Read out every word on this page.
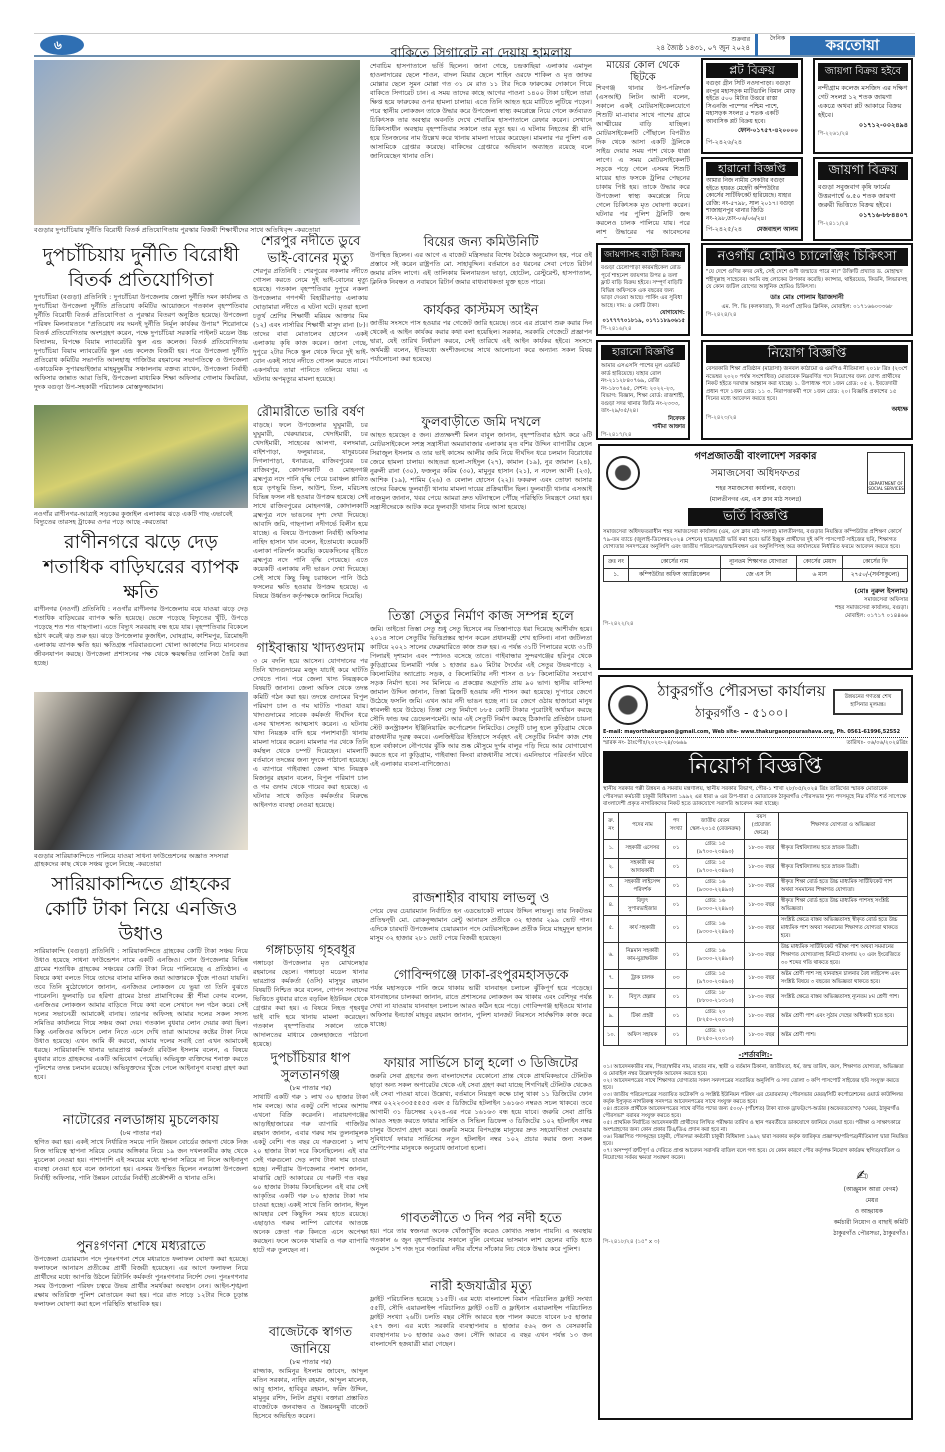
৬	শুক্রবার
২৪ জ্যৈষ্ঠ ১৪৩১, ০৭ জুন ২০২৪
দৈনিক	করতোয়া
বগুড়ার দুপচাঁচিয়ায় দুর্নীতি বিরোধী বিতর্ক প্রতিযোগিতায় পুরস্কার বিজয়ী শিক্ষার্থীদের সাথে অতিথিবৃন্দ -করতোয়া
দুপচাঁচিয়ায় দুর্নীতি বিরোধী বিতর্ক প্রতিযোগিতা
দুপচাঁচিয়া (বগুড়া) প্রতিনিধি : দুপচাঁচিয়া উপজেলায় জেলা দুর্নীতি দমন কার্যালয় ও দুপচাঁচিয়া উপজেলা দুর্নীতি প্রতিরোধ কমিটির আয়োজনে গতকাল বৃহস্পতিবার দুর্নীতি বিরোধী বিতর্ক প্রতিযোগিতা ও পুরস্কার বিতরণ অনুষ্ঠিত হয়েছে। উপজেলা পরিষদ মিলনায়তনে "প্রতিরোধ নয় দমনই দুর্নীতি নির্মূল কার্যকর উপায়" শিরোনামে বিতর্ক প্রতিযোগিতায় অংশগ্রহণ করেন, পক্ষে দুপচাঁচিয়া সরকারি পাইলট মডেল উচ্চ বিদ্যালয়, বিপক্ষে বিয়াম ল্যাবরেটরি স্কুল এন্ড কলেজ। বিতর্ক প্রতিযোগিতায় দুপচাঁচিয়া বিয়াম ল্যাবরেটরি স্কুল এন্ড কলেজ বিজয়ী হয়। পরে উপজেলা দুর্নীতি প্রতিরোধ কমিটির সভাপতি আলহাজ্ব গাজিউর রহমানের সভাপতিত্বে ও উপজেলা একাডেমিক সুপারভাইজার মাহমুদুন্নবীর সঞ্চালনায় বক্তব্য রাখেন, উপজেলা নির্বাহী অফিসার জান্নাত আরা তিথি, উপজেলা মাধ্যমিক শিক্ষা অফিসার গোলাম কিবরিয়া, দুদক বগুড়া উপ-সহকারী পরিচালক মোস্তফুজ্জামান।
নওগাঁর রাণীনগর-আত্রাই সড়কের কুজাইল এলাকায় ঝড়ে একটি গাছ এভাবেই বিদ্যুতের তারসহ ট্রাকের ওপর পড়ে আছে -করতোয়া
রাণীনগরে ঝড়ে দেড় শতাধিক বাড়িঘরের ব্যাপক ক্ষতি
রাণীনগর (নওগাঁ) প্রতিনিধি : নওগাঁর রাণীনগর উপজেলায় বয়ে যাওয়া ঝড়ে দেড় শতাধিক বাড়িঘরের ব্যাপক ক্ষতি হয়েছে। ভেঙ্গে পড়েছে বিদ্যুতের খুঁটি, উপড়ে পড়েছে শত শত গাছপালা। এতে বিদ্যুৎ সরবরাহ বন্ধ হয়ে যায়। বৃহস্পতিবার বিকেলে হঠাৎ করেই ঝড় শুরু হয়। ঝড়ে উপজেলার কুজাইল, ঘোষগ্রাম, কাশিমপুর, ত্রিমোহনী এলাকায় ব্যাপক ক্ষতি হয়। ক্ষতিগ্রস্ত পরিবারগুলো খোলা আকাশের নিচে মানবেতর জীবনযাপন করছে। উপজেলা প্রশাসনের পক্ষ থেকে ক্ষয়ক্ষতির তালিকা তৈরি করা হচ্ছে।
বগুড়ার সারিয়াকান্দিতে পালিয়ে যাওয়া সাধনা ফাউন্ডেশনের অজ্ঞাত সদস্যরা গ্রাহকদের কাছ থেকে সঞ্চয় তুলে নিচ্ছে -করতোয়া
সারিয়াকান্দিতে গ্রাহকের কোটি টাকা নিয়ে এনজিও উধাও
সারিয়াকান্দি (বগুড়া) প্রতিনিধি : সারিয়াকান্দিতে গ্রাহকের কোটি টাকা সঞ্চয় নিয়ে উধাও হয়েছে সাধনা ফাউন্ডেশন নামে একটি এনজিও। গোন উপজেলার বিভিন্ন গ্রামের শতাধিক গ্রাহকের সঞ্চয়ের কোটি টাকা নিয়ে পালিয়েছে এ প্রতিষ্ঠান। এ বিষয়ে কথা বলতে গিয়ে তাদের বাসার মালিক জয়া আক্তারকে খুঁজে পাওয়া যায়নি। তবে তিনি মুঠোফোনে জানান, এনজিওর লোকজন যে ভুয়া তা তিনি বুঝতে পারেননি। ফুলবাড়ি চর হরিণা গ্রামের ঠান্ডা প্রামাণিকের স্ত্রী শীমা বেগম বলেন, এনজিওর লোকজন আমার বাড়িতে গিয়ে কথা বলে সেখানে দল গঠন করে। সেই দলের সভানেত্রী আমাকেই বানায়। তারপর অফিসহ আমার দলের সকল সদস্য সমিতির কার্যালয়ে গিয়ে সঞ্চয় জমা দেয়। গতকাল বুধবার লোন দেয়ার কথা ছিল। কিন্তু এনজিওর অফিসে লোন নিতে এসে দেখি তারা আমাদের কষ্টের টাকা নিয়ে উধাও হয়েছে। এখন আমি কী করবো, আমার দলের সবাই তো এখন আমাকেই ধরছে। সারিয়াকান্দি থানার ভারপ্রাপ্ত কর্মকর্তা রবিউল ইসলাম বলেন, এ বিষয়ে বুধবার রাতে গ্রাহকদের একটি অভিযোগ পেয়েছি। অভিযুক্ত ব্যক্তিদের শনাক্ত করতে পুলিশের তদন্ত চলমান রয়েছে। অভিযুক্তদের খুঁজে পেলে আইনানুগ ব্যবস্থা গ্রহণ করা হবে।
নাটোরের নলডাঙ্গায় মুচলেকায়
(৮ম পাতার পর)
স্থগিত করা হয়। একই সাথে নির্ধারিত সময়ে পানি উন্নয়ন বোর্ডের জায়গা থেকে নিজ নিজ দায়িত্বে স্থাপনা সরিয়ে নেয়ার অঙ্গিকার নিয়ে ১৯ জন দখলকারীর কাছ থেকে মুচলেকা নেওয়া হয়। পাশাপাশি এই সময়ের মধ্যে স্থাপনা সরিয়ে না নিলে আইনানুগ ব্যবস্থা নেওয়া হবে বলে জানানো হয়। এসময় উপস্থিত ছিলেন নলডাঙ্গা উপজেলা নির্বাহী অফিসার, পানি উন্নয়ন বোর্ডের নির্বাহী প্রকৌশলী ও থানার ওসি।
পুনঃগণনা শেষে মধ্যরাতে
উপজেলা চেয়ারম্যান পদে পুনঃগণনা শেষে মধ্যরাতে ফলাফল ঘোষণা করা হয়েছে। ফলাফলে আনারস প্রতীকের প্রার্থী বিজয়ী হয়েছেন। এর আগে ফলাফল নিয়ে প্রার্থীদের মধ্যে আপত্তি উঠলে রিটার্নিং কর্মকর্তা পুনঃগণনার নির্দেশ দেন। পুনঃগণনার সময় উপজেলা পরিষদ চত্বরে উভয় প্রার্থীর সমর্থকরা অবস্থান নেন। আইন-শৃঙ্খলা রক্ষায় অতিরিক্ত পুলিশ মোতায়েন করা হয়। পরে রাত সাড়ে ১২টার দিকে চূড়ান্ত ফলাফল ঘোষণা করা হলে পরিস্থিতি স্বাভাবিক হয়।
শেরপুর নদীতে ডুবে ভাই-বোনের মৃত্যু
শেরপুর প্রতিনিধি : শেরপুরের নকলার নদীতে গোসল করতে নেমে দুই ভাই-বোনের মৃত্যু হয়েছে। গতকাল বৃহস্পতিবার দুপুরে নকলা উপজেলার গণপদ্দী বিহারীরপাড় এলাকায় ঘোড়ামারা নদীতে এ ঘটনা ঘটে। মৃতরা হলো চতুর্থ শ্রেণির শিক্ষার্থী মরিয়ম আক্তার মিম (১২) এবং নার্সারির শিক্ষার্থী মাসুদ রানা (৮)। তাদের বাবা মোতালেব হোসেন একই এলাকায় কৃষি কাজ করেন। জানা গেছে, দুপুরে ২টার দিকে স্কুল থেকে ফিরে দুই ভাই-বোন একই সাথে নদীতে গোসল করতে নামে। একপর্যায়ে তারা পানিতে তলিয়ে যায়। এ ঘটনায় অপমৃত্যুর মামলা হয়েছে।
রৌমারীতে ভারি বর্ষণ
বাড়ছে। ফলে উপজেলার ঘুঘুমারী, চর ঘুঘুমারী, খেরুয়ারচর, খেদাইমারী, চর খেদাইমারী, সাহেবের আলগা, বলদমারা, বাইশপাড়া, ফলুয়ারচর, যাদুরচরের দিগলাপাড়া, ধনারচর, রাজিবপুরের চর রাজিবপুর, কোদালকাটি ও মোহনগঞ্জ ব্রহ্মপুত্র নদে পানি বৃদ্ধি পেয়ে চরাঞ্চল প্লাবিত হয়ে তৃণভূমি তিল, আউশ, তিল, মরিচসহ বিভিন্ন ফসল নষ্ট হওয়ার উপক্রম হয়েছে। সেই সাথে রাজিবপুরের মোহনগঞ্জ, কোদালকাটি ব্রহ্মপুত্র নদে ভাঙনের দৃশ্য দেখা দিয়েছে। আবাদি জমি, গাছপালা নদীগর্ভে বিলীন হয়ে যাচ্ছে। এ বিষয়ে উপজেলা নির্বাহী অফিসার নাহিদ হাসান খান বলেন, ইতোমধ্যে কয়েকটি এলাকা পরিদর্শন করেছি। কয়েকদিনের বৃষ্টিতে ব্রহ্মপুত্র নদে পানি বৃদ্ধি পেয়েছে। এতে কয়েকটি এলাকায় নদী ভাঙন দেখা দিয়েছে। সেই সাথে কিছু কিছু চরাঞ্চলে পানি উঠে ফসলের ক্ষতি হওয়ার উপক্রম হয়েছে। এ বিষয়ে উর্ধ্বতন কর্তৃপক্ষকে জানিয়ে দিয়েছি।
গাইবান্ধায় খাদ্যগুদাম
৩ মে বদলি হয়ে আসেন। যোগদানের পর তিনি খাদ্যগুদামের মজুদ যাচাই করে ঘাটতি দেখতে পান। পরে জেলা খাদ্য নিয়ন্ত্রককে বিষয়টি জানান। জেলা অফিস থেকে তদন্ত কমিটি গঠন করা হয়। তদন্তে গুদামের বিপুল পরিমাণ চাল ও গম ঘাটতি পাওয়া যায়। খাদ্যগুদামের সাবেক কর্মকর্তা দীর্ঘদিন ধরে এসব খাদ্যশস্য আত্মসাৎ করেন। এ ঘটনায় খাদ্য নিয়ন্ত্রক বাদি হয়ে পলাশবাড়ী থানায় মামলা দায়ের করেন। মামলার পর থেকে তিনি কর্মস্থল থেকে চম্পট দিয়েছেন। মামলাটি বর্তমানে তদন্তের জন্য দুদকে পাঠানো হয়েছে। এ ব্যাপারে গাইবান্ধা জেলা খাদ্য নিয়ন্ত্রক মিজানুর রহমান বলেন, বিপুল পরিমাণ চাল ও গম গুদাম থেকে গায়েব করা হয়েছে। এ ঘটনার সাথে জড়িত কর্মকর্তার বিরুদ্ধে আইনগত ব্যবস্থা নেওয়া হয়েছে।
গঙ্গাচড়ায় গৃহবধূর
গঙ্গাচড়া উপজেলার মৃত মোখলেছার রহমানের ছেলে। গঙ্গাচড়া মডেল থানার ভারপ্রাপ্ত কর্মকর্তা (ওসি) মাসুদুর রহমান বিষয়টি নিশ্চিত করে বলেন, গোপন সংবাদের ভিত্তিতে বুধবার রাতে বড়বিল ইউনিয়ন থেকে গ্রেপ্তার করা হয়। এ বিষয়ে নিহত গৃহবধূর ভাই বাদি হয়ে থানায় মামলা করেছেন। গতকাল বৃহস্পতিবার সকালে তাকে আদালতের মাধ্যমে জেলহাজতে পাঠানো হয়েছে।
দুপচাঁচিয়ার ধাপ সুলতানগঞ্জ
(৮ম পাতার পর)
সাথাটি একটি গরু ১ লাখ ৩০ হাজার টাকা দাম বলছে। আর একটু বেশি দামের আশায় এখনো বিক্রি করেননি। নারায়ণগঞ্জের আড়াইহাজারের গরু ব্যাপারি গাজিউর রহমান জানান, এবার গরুর দাম তুলনামূলক একটু বেশি। গত বছর যে গরুগুলো ১ লাখ ২০ হাজার টাকা দরে কিনেছিলেন। এই বার সেই গরুগুলো দেড় লাখ টাকা দাম চাওয়া হচ্ছে। নন্দীগ্রাম উপজেলার পলাশ জানান, মাঝারি ছোট আকারের যে গরুটি গত বছর ৬০ হাজার টাকায় কিনেছিলেন এই বার সেই আকৃতির একটি গরু ৮০ হাজার টাকা দাম চাওয়া হচ্ছে। একই সাথে তিনি জানান, ঈদুল আযহার বেশ কিছুদিন সময় হাতে রয়েছে। এছাড়াও গরুর লাম্পি রোগের আতঙ্কে অনেক ক্রেতা গরু কিনতে এসে অপেক্ষা করছেন। ফলে অনেক খামারি ও গরু ব্যাপারি হাটে গরু তুলছেন না।
বাজেটকে স্বাগত জানিয়ে
(৮ম পাতার পর)
রাজ্জাক, আমিনুর ইসলাম জাবেদ, আব্দুল মতিন সরকার, নাহিদ রহমান, আব্দুল মালেক, আবু হাসান, হাবিবুর রহমান, ফরিদ উদ্দিন, মামুনুর রশিদ, লিটন প্রমুখ। বক্তারা প্রস্তাবিত বাজেটকে জনবান্ধব ও উন্নয়নমুখী বাজেট হিসেবে অভিহিত করেন।
বাকিতে সিগারেট না দেয়ায় হামলায়
শেবাচিম হাসপাতালে ভর্তি ছিলেন। জানা গেছে, চন্দ্রকাছিয়া এলাকার এমাদুল হাওলাদারের ছেলে শাওন, বাদল মিয়ার ছেলে শাহিন ওরফে শাকিল ও মৃত জাফর মোল্লার ছেলে সুমন মোল্লা গত ৩১ মে রাত ১১ টার দিকে ফারুকের দোকানে গিয়ে বাকিতে সিগারেট চান। এ সময় তাদের কাছে আগের পাওনা ১৪০০ টাকা চাইলে তারা ক্ষিপ্ত হয়ে ফারুকের ওপর হামলা চালায়। এতে তিনি আহত হয়ে মাটিতে লুটিয়ে পড়েন। পরে স্থানীয় লোকজন তাকে উদ্ধার করে উপজেলা স্বাস্থ্য কমপ্লেক্সে নিয়ে গেলে কর্তব্যরত চিকিৎসক তার অবস্থার অবনতি দেখে শেবাচিম হাসপাতালে রেফার করেন। সেখানে চিকিৎসাধীন অবস্থায় বৃহস্পতিবার সকালে তার মৃত্যু হয়। এ ঘটনায় নিহতের স্ত্রী বাদি হয়ে তিনজনের নাম উল্লেখ করে থানায় মামলা দায়ের করেছেন। মামলার পর পুলিশ এক আসামিকে গ্রেপ্তার করেছে। বাকিদের গ্রেপ্তারে অভিযান অব্যাহত রয়েছে বলে জানিয়েছেন থানার ওসি।
বিয়ের জন্য কমিউনিটি
উপস্থিত ছিলেন। এর আগে এ বাজেট মন্ত্রিসভার বিশেষ বৈঠকে অনুমোদন হয়, পরে ওই প্রস্তাবে সই করেন রাষ্ট্রপতি মো. সাহাবুদ্দিন। বর্তমানে ৪৫ ধরনের সেবা পেতে রিটার্ন জমার রসিদ লাগে। এই তালিকায় মিলনায়তন ভাড়া, হোটেল, রেস্টুরেন্ট, হাসপাতাল, ক্লিনিক নিবন্ধন ও নবায়নে রিটার্ন জমার বাধ্যবাধকতা যুক্ত হতে পারে।
কার্যকর কাস্টমস আইন
জাতীয় সংসদে পাস হওয়ার পর গেজেট জারি হয়েছে। তবে এর প্রয়োগ শুরু করার দিন থেকেই এ আইন কার্যকর করার কথা বলা হয়েছিল। সরকার, সরকারি গেজেটে প্রজ্ঞাপন দ্বারা, যেই তারিখ নির্ধারণ করবে, সেই তারিখে এই আইন কার্যকর হইবে। সংসদে অর্থমন্ত্রী বলেন, ইতিমধ্যে অংশীজনদের সাথে আলোচনা করে অন্যান্য সকল বিষয় পর্যালোচনা করা হয়েছে।
ফুলবাড়ীতে জমি দখলে
আহত হয়েছেন ৫ জন। প্রত্যক্ষদর্শী মিলন বাবুল জানান, বৃহস্পতিবার হঠাৎ করে ৬টি মোটরসাইকেলে সশস্ত্র সন্ত্রাসীরা অমরাবাজার এলাকার মৃত বশির উদ্দিন ব্যাপারীর ছেলে সিরাজুল ইসলাম ও তার ভাই কাসেম আলীর জমি নিয়ে দীর্ঘদিন ধরে চলমান বিরোধের জেরে হামলা চালায়। আহতরা হলো-সাইদুল (২৭), কামাল (১৯), নুর জামাল (২৪), নুরুলী রানা (৩০), ফজলুর করিম (৩০), মামুনুর হাসান (২১), ন নদেল আলী (২৩), আশিক (১৯), শামিম (২৬) ও বেলাল হোসেন (২২)। ফকরুল এবং তোফা আসার তাদের বিরুদ্ধে ফুলবাড়ী থানায় মামলা দায়ের প্রক্রিয়াধীন ছিল। ফুলবাড়ী থানার এসআই নাজমুল জানান, খবর পেয়ে আমরা দ্রুত ঘটনাস্থলে পৌঁছে পরিস্থিতি নিয়ন্ত্রণে নেয়া হয়। সন্ত্রাসীদেরকে আটক করে ফুলবাড়ী থানায় নিয়ে আসা হয়েছে।
তিস্তা সেতুর নির্মাণ কাজ সম্পন্ন হলে
জমি। তাইতো তিস্তা সেতু শুধু সেতু হিসেবে নয় তিস্তাপাড়ে ধরা দিয়েছে আশীর্বাদ হয়ে। ২০১৪ সালে সেতুটির ভিত্তিপ্রস্তর স্থাপন করেন প্রধানমন্ত্রী শেখ হাসিনা। নানা জটিলতা কাটিয়ে ২০২১ সালের ফেব্রুয়ারিতে কাজ শুরু হয়। এ পর্যন্ত ৩১টি পিলারের মধ্যে ৩১টি পিলারই দৃশ্যমান এবং স্প্যানও বসেছে তাতে। গাইবান্ধার সুন্দরগঞ্জের হরিপুর থেকে কুড়িগ্রামের চিলমারী পর্যন্ত ১ হাজার ৪৯০ মিটার দৈর্ঘ্যের এই সেতুর উভয়পাড়ে ২ কিলোমিটার অ্যাপ্রোচ সড়ক, ৫ কিলোমিটার নদী শাসন ও ৮৮ কিলোমিটার সংযোগ সড়ক নির্মাণ হবে। সব মিলিয়ে এ প্রকল্পের অগ্রগতি প্রায় ৯০ ভাগ। স্থানীয় বাসিন্দা জামাল উদ্দিন জানান, তিস্তা ব্রিজটি হওয়ায় নদী শাসন করা হয়েছে। দু'পারে জেগে উঠেছে ফসলি জমি। এখন আর নদী ভাঙন হচ্ছে না। চর জেগে ওঠায় হাজারো মানুষ স্বাবলম্বী হয়ে উঠেছে। তিস্তা সেতু নির্মাণে ৮৮৫ কোটি টাকার পুরোটাই অর্থায়ন করছে সৌদি ফান্ড ফর ডেভেলপমেন্ট। আর এই সেতুটি নির্মাণ করছে ঠিকাদারি প্রতিষ্ঠান চায়না স্টেট কনস্ট্রাকশন ইঞ্জিনিয়ারিং কর্পোরেশন লিমিটেড। সেতুটি চালু হলে কুড়িগ্রাম থেকে রাজধানীর দূরত্ব কমবে। এলজিইডির ইতিহাসে সর্ববৃহৎ এই সেতুটির নির্মাণ কাজ শেষ হলে বর্ষাকালে নৌপথের ঝুঁকি আর শুষ্ক মৌসুমে দুর্গম বালুর পড়ি দিয়ে আর যোগাযোগ করতে হবে না কুড়িগ্রাম, গাইবান্ধা কিংবা রাজধানীর সাথে। এমনিভাবে পরিবর্তন ঘটবে এই এলাকার ব্যবসা-বাণিজ্যেও।
রাজশাহীর বাঘায় লাভলু ও
পেয়ে ফের চেয়ারম্যান নির্বাচিত হন এডভোকেট লায়েব উদ্দিন লাভলু। তার নিকটতম প্রতিদ্বন্দ্বী মো. রোকনুজ্জামান রেন্টু আনারস প্রতীকে ৩২ হাজার ২৯৯ ভোট পান। এদিকে চারঘাট উপজেলায় চেয়ারম্যান পদে মোটরসাইকেল প্রতীক নিয়ে মাহমুদুল হাসান মাসুম ৩২ হাজার ২৮১ ভোট পেয়ে বিজয়ী হয়েছেন।
গোবিন্দগঞ্জে ঢাকা-রংপুরমহাসড়কে
পর্যন্ত মহাসড়কে পানি জমে থাকায় ভারী যানবাহন চলাচল ঝুঁকিপূর্ণ হয়ে পড়েছে। যানবাহনের চালকরা জানান, রাতে প্রশাসনের লোকজন কম থাকায় এবং বেশিদূর পর্যন্ত দেখা না যাওয়ায় যানবাহন চলাচল আরও কঠিন হয়ে পড়ে। গোবিন্দগঞ্জ হাইওয়ে থানার অফিসার ইনচার্জ মাহবুব রহমান জানান, পুলিশ যানজট নিরসনে সার্বক্ষণিক কাজ করে যাচ্ছে।
ফায়ার সার্ভিসে চালু হলো ৩ ডিজিটের
জরুরি সেবা গ্রহণের জন্য বাংলাদেশের যেকোনো প্রান্ত থেকে প্রাথমিকভাবে টেলিটক ছাড়া অন্য সকল অপারেটর থেকে এই সেবা গ্রহণ করা যাচ্ছে শিগগিরই টেলিটক থেকেও এই সেবা পাওয়া যাবে। উল্লেখ্য, বর্তমানে নিয়ন্ত্রণ কক্ষে চালু থাকা ১১ ডিজিটের ফোন নম্বর ০২২২৩৩৫৫৫৫৫ এবং ৫ ডিজিটের হটলাইন ১৬১৬৩ নম্বরও সচল থাকবে। তবে আগামী ৩১ ডিসেম্বর ২০২৪-এর পরে ১৬১৬৩ বন্ধ হয়ে যাবে। জরুরি সেবা প্রাপ্তি আরও সহজ করতে ফায়ার সার্ভিস ও সিভিল ডিফেন্স ৩ ডিজিটের ১০২ হটলাইন নম্বর চালুর উদ্যোগ গ্রহণ করে। জরুরি সময়ে বিপদগ্রস্ত মানুষের দ্রুত সহযোগিতা দেওয়ার সুবিধার্থে ফায়ার সার্ভিসের নতুন হটলাইন নম্বর ১০২ প্রচার করার জন্য সকল শ্রেণিপেশার মানুষকে অনুরোধ জানানো হলো।
গাবতলীতে ৩ দিন পর নদী হতে
হয়। পরে তার স্বজনরা অনেক খোঁজাখুঁজি করেও কোথাও সন্ধান পায়নি। এ অবস্থায় গতকাল ৬ জুন বৃহস্পতিবার সকালে বুলি বেগমের ভাসমান লাশ ছেলের বাড়ি হতে অনুমান ১'শ গজ দূরে গজারিয়া নদীর বাঁশের সাঁকোর নিচ থেকে উদ্ধার করে পুলিশ।
নারী হজযাত্রীর মৃত্যু
ফ্লাইট পরিচালিত হয়েছে ১১৫টি। এর মধ্যে বাংলাদেশ বিমান পরিচালিত ফ্লাইট সংখ্যা ৫৫টি, সৌদি এয়ারলাইন্স পরিচালিত ফ্লাইট ৩৪টি ও ফ্লাইনাস এয়ারলাইন্স পরিচালিত ফ্লাইট সংখ্যা ২৬টি। চলতি বছর সৌদি আরবে হজ পালন করতে যাবেন ৮৫ হাজার ২৫৭ জন। এর মধ্যে সরকারি ব্যবস্থাপনায় ৪ হাজার ৫৬২ জন ও বেসরকারি ব্যবস্থাপনায় ৮০ হাজার ৬৯৫ জন। সৌদি আরবে এ বছর এখন পর্যন্ত ১৩ জন বাংলাদেশি হজযাত্রী মারা গেছেন।
মায়ের কোল থেকে ছিটকে
শিবগঞ্জ থানার উপ-পরিদর্শক (এসআই) লিটন আলী বলেন, সকালে একই মোটরসাইকেলযোগে শিশুটি মা-বাবার সাথে পাশের গ্রামে আত্মীয়ের বাড়ি যাচ্ছিল। মোটরসাইকেলটি পৌঁছালে বিপরীত দিক থেকে আসা একটি ট্রলিকে সাইড দেয়ার সময় পাশ থেকে ধাক্কা লাগে। এ সময় মোটরসাইকেলটি সড়কে পড়ে গেলে এসময় শিশুটি মায়ের হাত ফসকে ট্রলির পেছনের চাকায় পিষ্ট হয়। তাকে উদ্ধার করে উপজেলা স্বাস্থ্য কমপ্লেক্সে নিয়ে গেলে চিকিৎসক মৃত ঘোষণা করেন। ঘটনার পর পুলিশ ট্রলিটি জব্দ করলেও চালক পালিয়ে যায়। পরে লাশ উদ্ধারের পর আবেদনের
প্লট বিক্রয়
বগুড়া গ্রীন সিটি নওদাপাড়া। বগুড়া রংপুর মহাসড়ক মাটিডালি বিমান মোড় হইতে ৫০০ মিটার উত্তরে রাস্তা সিএনজি পাম্পের পশ্চিম পাশে, মহাসড়ক সংলগ্ন ৫ শতক একটি আবাসিক প্লট বিক্রয় হবে।
ফোন-০১৭৫৭-৪২০০০০
পি-২৪২৬/২৪
জায়গা বিক্রয় হইবে
নন্দীগ্রাম কলেজ মসজিদ এর দক্ষিণ গেট সংলগ্ন ১২ শতক জায়গা একত্রে অথবা প্লট আকারে বিক্রয় হইবে।
০১৭১২-০০২৪৯৪
পি-২২৬১/২৪
হারানো বিজ্ঞপ্তি
আমার নিজ নামীয় সেকটার বগুড়া হইতে হযরত মেহেদী কম্পিউটার কোর্সের সার্টিফিকেট হারিয়েছে। যাহার রেজি: নং-৫৭৯৮, সাল ২০১৭। বগুড়া শাজাহানপুর থানার জিডি নং-২৯৮,তাং-০৬/০৬/২৪।
পি-২৪২৫/২৪ মেজবাহুল আলম
জায়গা বিক্রয়
বগুড়া সবুজবাগ কৃষি ফার্মের উত্তরপার্শ্বে ৬.৫০ শতক জায়গা জরুরী ভিত্তিতে বিক্রয় হইবে।
০১৭১৬-৮৮৪৪০৭
পি-২৪১১/২৪
জায়গাসহ বাড়ী বিক্রয়
বগুড়া চেলোপাড়া কারমাইকেল রোড পূর্বে শাহনেশ জায়গার উপর ৪ তলা ফ্লাট বাড়ি বিক্রয় হইবে। সম্পূর্ণ বাড়িটি বিভিন্ন অফিসকে এক বছরের জন্য ভাড়া দেওয়া আছে। পার্কিং এর সুবিধা আছে। দাম: ৪ কোটি টাকা।
যোগাযোগ:
০১৭৭৭৭০১৮১৯, ০১৭১১৮৯০৬১৫
পি-২৪১৬/২৪
নওগাঁয় হোমিও চ্যালেঞ্জিং চিকিৎসা
"যে দেশে গুণির কদর নেই, সেই দেশে গুণী জন্মাতে পারে না।" উক্তিটি প্রখ্যাত ড. মোহাম্মদ শহীদুল্লাহ সাহেবের। আমি বহু লোকের উপকার করেছি। ক্যান্সার, থাইরয়েড, কিডনি, লিভারসহ যে কোন জটিল রোগের আধুনিক হোমিও চিকিৎসা।
ডাঃ মোঃ গোলাম ইয়াজদানী
এম. পি. ভি (কলকাতা), দি নওগাঁ হোমিও ক্লিনিক, মোবাইল: ০১৭১৬৬০৩৩৬৮
পি-২৪২৪/২৪
হারানো বিজ্ঞপ্তি
আমার এসএসসি পাশের মূল এডমিট কার্ড হারিয়েছে। যাহার রোল নং-২১১২৮৪০৭৬৯, রেজি নং-১৮০৭৬৫, সেশন: ২০২২-২৩, বিভাগ: বিজ্ঞান, শিক্ষা বোর্ড: রাজশাহী, বগুড়া সদর থানার জিডি নং-২৩৩৩, তাং-২৯/০৫/২৪।
নিবেদক
শামীমা আক্তার
পি-২৪১৭/২৪
নিয়োগ বিজ্ঞপ্তি
বেসরকারি শিক্ষা প্রতিষ্ঠান (মাদ্রাসা) জনবল কাঠামো ও এমপিও নীতিমালা ২০১৮ খ্রিঃ (২৩শে নভেম্বর ২০২০ পর্যন্ত সংশোধিত) মোতাবেক নিম্নবর্ণিত পদে নিয়োগের জন্য যোগ্য প্রার্থীদের নিকট হইতে দরখাস্ত আহ্বান করা যাচ্ছে। ১. উপাধ্যক্ষ পদে ১জন গ্রেড: ০৫ ২. ইবতেদায়ী প্রধান পদে ১জন গ্রেড: ১১ ৩. নিরাপত্তাকর্মী পদে ১জন গ্রেড: ২০। বিজ্ঞপ্তি প্রকাশের ১৫ দিনের মধ্যে আবেদন করতে হবে।
অধ্যক্ষ
পি-২৪২৩/২৪
DEPARTMENT OF SOCIAL SERVICES
গণপ্রজাতন্ত্রী বাংলাদেশ সরকার
সমাজসেবা অধিদফতর
শহর সমাজসেবা কার্যালয়, বগুড়া।
(মালতীনগর এম, এস ক্লাব মাঠ সংলগ্ন)
ভর্তি বিজ্ঞপ্তি
সমাজসেবা অধিদফতরাধীন শহর সমাজসেবা কার্যালয় (এম, এস ক্লাব মাঠ সংলগ্ন) মালতীনগর, বগুড়ার নিয়ন্ত্রিত কম্পিউটার প্রশিক্ষণ কোর্সে ৭৯-তম ব্যাচে (জুলাই-ডিসেম্বর২০২৪ সেশনে) ছাত্র/ছাত্রী ভর্তি করা হবে। ভর্তি ইচ্ছুক প্রার্থীদের দুই কপি পাসপোর্ট সাইজের ছবি, শিক্ষাগত যোগ্যতার সনদপত্রের অনুলিপি এবং জাতীয় পরিচয়পত্র/জন্মনিবন্ধন এর অনুলিপিসহ অত্র কার্যালয়ের নির্ধারিত ফরমে আবেদন করতে হবে।
ক্রঃ নং	কোর্সের নাম	ন্যূনতম শিক্ষাগত যোগ্যতা	কোর্সের মেয়াদ	কোর্সের ফি
১.	কম্পিউটার অফিস অ্যাপ্লিকেশন	জে এস সি	৬ মাস	২৭৫০/-(সর্বসাকুল্যে)
(মোঃ নুরুল ইসলাম)
সমাজসেবা অফিসার
শহর সমাজসেবা কার্যালয়, বগুড়া।
মোবাইল: ০১৭১৭ ০১৪৪৬৬
পি-২৪২২/২৪
উন্নয়নের গণতন্ত্র শেখ হাসিনার মূলমন্ত্র।
ঠাকুরগাঁও পৌরসভা কার্যালয়
ঠাকুরগাঁও - ৫১০০।
E-mail: mayorthakurgaon@gmail.com, Web site- www.thakurgaonpourashava.org, Ph. 0561-61996,52552
স্মারক নং- ঠাঃপৌঃ/২০২৩-২৪/০৬৬৯	তারিখঃ- ০৬/০৬/২০২৪খ্রিঃ
নিয়োগ বিজ্ঞপ্তি
স্থানীয় সরকার পল্লী উন্নয়ন ও সমবায় মন্ত্রণালয়, স্থানীয় সরকার বিভাগ, পৌর-১ শাখা ২৮/০৫/২০২৪ খ্রিঃ তারিখের স্মারক মোতাবেক পৌরসভা কর্মচারী চাকুরী বিধিমালা ১৯৯২ এর ধারা ৬ এর উপ-ধারা ৫ মোতাবেক ঠাকুরগাঁও পৌরসভার শূন্য পদসমূহে নিম্ন বর্ণিত শর্ত সাপেক্ষে বাংলাদেশী প্রকৃত নাগরিকদের নিকট হতে ডাকযোগে সরাসরি আবেদন করা যাচ্ছে।
ক্র. নং	পদের নাম	পদ সংখ্যা	জাতীয় বেতন স্কেল-২০১৫ (বেতনক্রম)	বয়স (প্রযোজ্য ক্ষেত্রে)	শিক্ষাগত যোগ্যতা ও অভিজ্ঞতা
১.	সহকারী এসেসর	০১	গ্রেড: ১৫ (৯৭০০-২৩৪৯০)	১৮-৩০ বছর	স্বীকৃত বিশ্ববিদ্যালয় হতে স্নাতক ডিগ্রী।
২.	সহকারী কর আদায়কারী	০১	গ্রেড: ১৫ (৯৭০০-২৩৪৯০)	১৮-৩০ বছর	স্বীকৃত বিশ্ববিদ্যালয় হতে স্নাতক ডিগ্রী।
৩.	সহকারী লাইসেন্স পরিদর্শক	০১	গ্রেড: ১৬ (৯৩০০-২২৪৯০)	১৮-৩০ বছর	স্বীকৃত শিক্ষা বোর্ড হতে উচ্চ মাধ্যমিক সার্টিফিকেট পাশ অথবা সমমানের শিক্ষাগত যোগ্যতা।
৪.	বিদ্যুৎ সুপারভাইজার	০১	গ্রেড: ১৬ (৯৩০০-২২৪৯০)	১৮-৩০ বছর	স্বীকৃত শিক্ষা বোর্ড হতে উচ্চ মাধ্যমিক পাশসহ সংশ্লিষ্ট অভিজ্ঞতা।
৫.	কার্য সহকারী	০১	গ্রেড: ১৬ (৯৩০০-২২৪৯০)	১৮-৩০ বছর	সংশ্লিষ্ট ক্ষেত্রে বাস্তব অভিজ্ঞতাসহ স্বীকৃত বোর্ড হতে উচ্চ মাধ্যমিক পাশ অথবা সমমানের শিক্ষাগত যোগ্যতা থাকতে হবে।
৬.	নিম্নমান সহকারী কাম-মুদ্রাক্ষরিক	০১	গ্রেড: ১৬ (৯৩০০-২২৪৯০)	১৮-৩০ বছর	উচ্চ মাধ্যমিক সার্টিফিকেট পরীক্ষা পাশ অথবা সমমানের শিক্ষাগত যোগ্যতাসহ মিনিটে বাংলায় ২০ এবং ইংরেজিতে ৩০ শব্দের গতি থাকতে হবে।
৭.	ট্রাক চালক	০৩	গ্রেড: ১৫ (৯৭০০-২৩৪৯০)	১৮-৩০ বছর	অষ্টম শ্রেণী পাশ সহ যানবাহন চালনার বৈধ লাইসেন্স এবং সংশ্লিষ্ট বিষয়ে ৩ বছরের অভিজ্ঞতা থাকতে হবে।
৮.	বিদ্যুৎ হেল্পার	০১	গ্রেড: ১৮ (৮৮০০-২১৩১০)	১৮-৩০ বছর	সংশ্লিষ্ট ক্ষেত্রে বাস্তব অভিজ্ঞতাসহ ন্যূনতম ৮ম শ্রেণী পাশ।
৯.	টিকা প্রহরী	০১	গ্রেড: ২০ (৮২৫০-২০০১০)	১৮-৩০ বছর	অষ্টম শ্রেণী পাশ এবং সুঠাম দেহের অধিকারী হতে হবে।
১০.	অফিস সহায়ক	০১	গ্রেড: ২০ (৮২৫০-২০০১০)	১৮-৩০ বছর	অষ্টম শ্রেণী পাশ।
-:শর্তাবলি:-
০১। আবেদনকারীর নাম, পিতা/স্বামীর নাম, মাতার নাম, স্থায়ী ও বর্তমান ঠিকানা, জাতীয়তা, ধর্ম, জন্ম তারিখ, বয়স, শিক্ষাগত যোগ্যতা, অভিজ্ঞতা ও মোবাইল নম্বর উল্লেখপূর্বক আবেদন করতে হবে।
০২। আবেদনপত্রের সাথে শিক্ষাগত যোগ্যতার সকল সনদপত্রের সত্যায়িত অনুলিপি ও সদ্য তোলা ৩ কপি পাসপোর্ট সাইজের ছবি সংযুক্ত করতে হবে।
০৩। জাতীয় পরিচয়পত্রের সত্যায়িত ফটোকপি ও সংশ্লিষ্ট ইউনিয়ন পরিষদ এর চেয়ারম্যান/ পৌরসভার মেয়র/সিটি কর্পোরেশনের ওয়ার্ড কাউন্সিলর কর্তৃক ইস্যুকৃত নাগরিকত্ব সনদপত্র আবেদনপত্রের সাথে সংযুক্ত করতে হবে।
০৪। প্রত্যেক প্রার্থীকে আবেদনপত্রের সাথে বর্ণিত পদের জন্য ৫০০/- (পাঁচশত) টাকা ব্যাংক ড্রাফট/পে-অর্ডার (অফেরতযোগ্য) "মেয়র, ঠাকুরগাঁও পৌরসভা" বরাবর সংযুক্ত করতে হবে।
০৫। প্রাথমিক নির্বাচিত আবেদনকারী প্রার্থীদের লিখিত পরীক্ষার তারিখ ও স্থান পরবর্তীতে ডাকযোগে জানিয়ে দেওয়া হবে। পরীক্ষা ও সাক্ষাৎকারে অংশগ্রহণের জন্য কোন প্রকার টিএ/ডিএ প্রদান করা হবে না।
০৬। বিজ্ঞাপিত পদসমূহের চাকুরী, পৌরসভা কর্মচারী চাকুরী বিধিমালা ১৯৯২ দ্বারা সরকার কর্তৃক জারিকৃত প্রজ্ঞাপন/পরিপত্র/নীতিমালা দ্বারা নিয়ন্ত্রিত হবে।
০৭। অসম্পূর্ণ ত্রুটিপূর্ণ ও দেরিতে প্রাপ্ত আবেদন সরাসরি বাতিল বলে গণ্য হবে। যে কোন কারণে পৌর কর্তৃপক্ষ নিয়োগ কার্যক্রম স্থগিত/বাতিল ও নিয়োগের সর্বময় ক্ষমতা সংরক্ষণ করেন।
✍
(আঞ্জুমান আরা বেগম)
মেয়র
ও আহ্বায়ক
কর্মচারী নিয়োগ ও বাছাই কমিটি
ঠাকুরগাঁও পৌরসভা, ঠাকুরগাঁও।
পি-২৪১৮/২৪ (১৫" x ৩)
